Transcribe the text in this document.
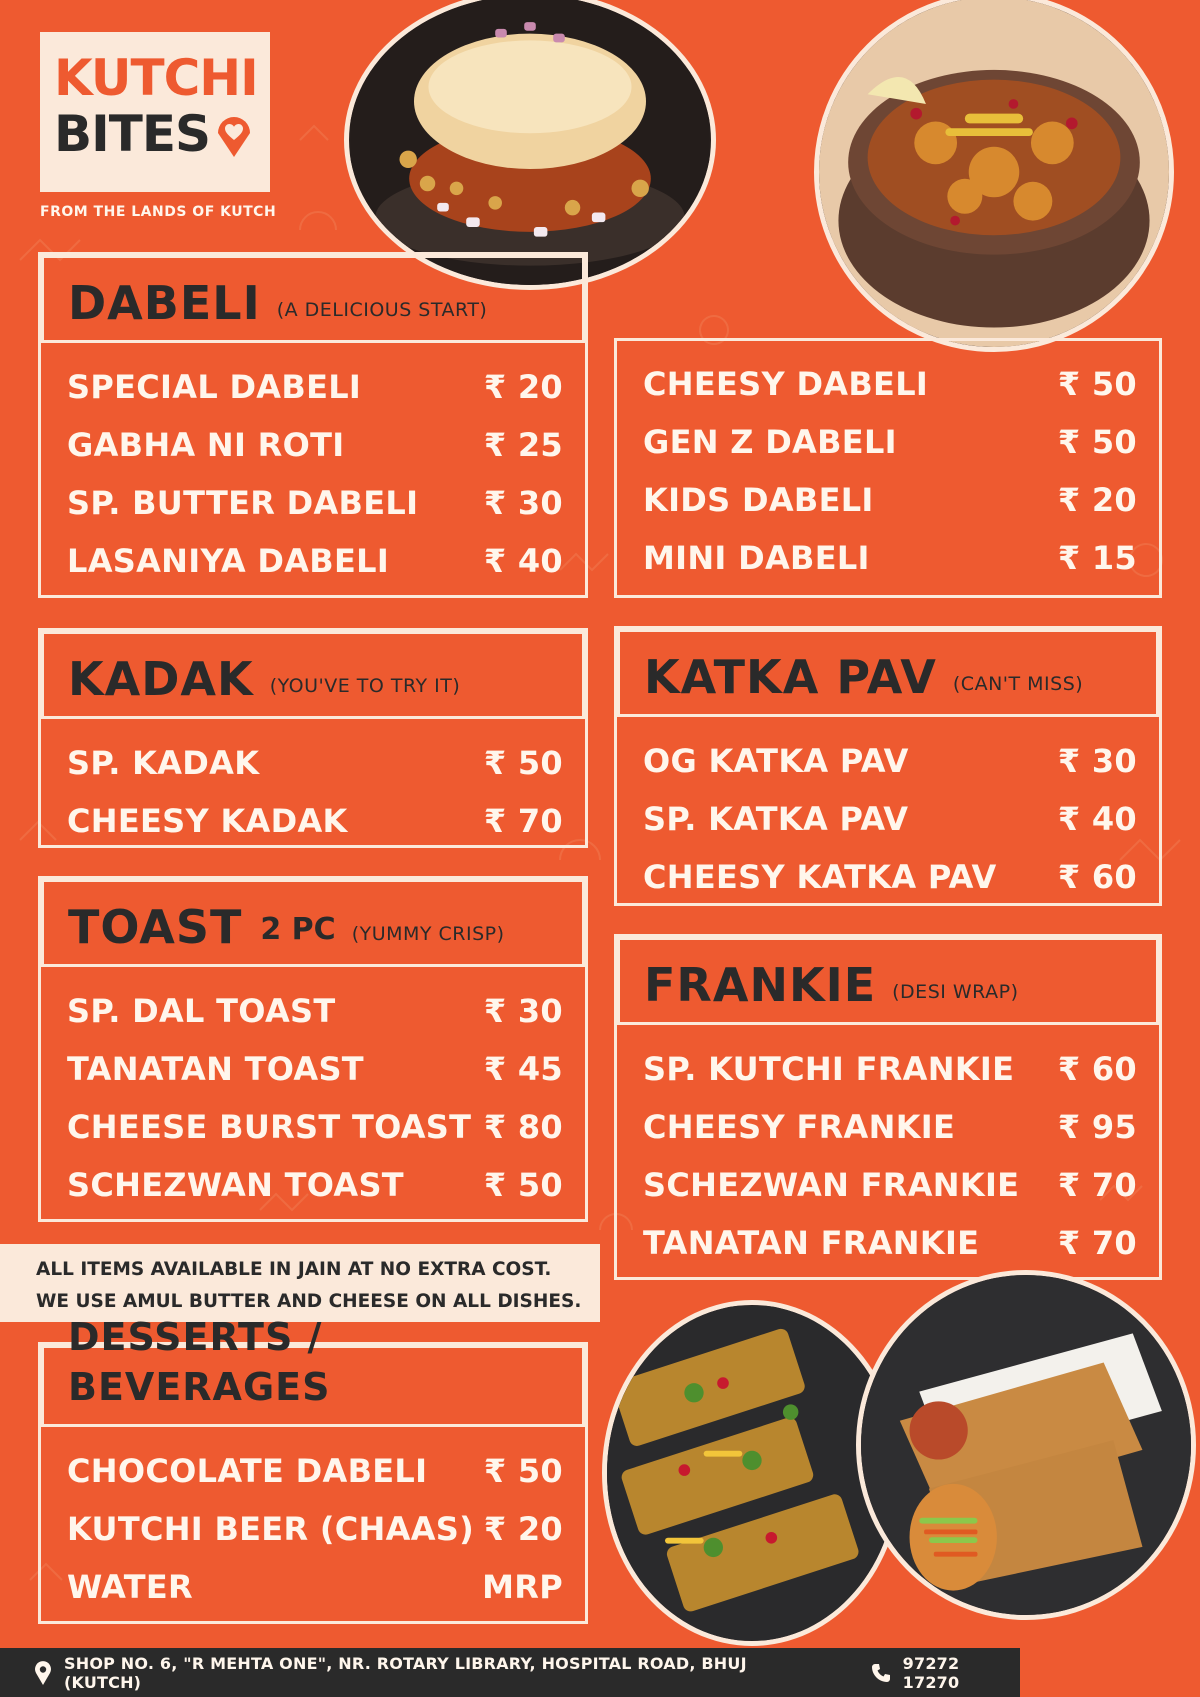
KUTCHI
BITES
FROM THE LANDS OF KUTCH
DABELI (A DELICIOUS START)
SPECIAL DABELI	₹ 20
GABHA NI ROTI	₹ 25
SP. BUTTER DABELI ₹ 30
LASANIYA DABELI	₹ 40
CHEESY DABELI	₹ 50
GEN Z DABELI	₹ 50
KIDS DABELI	₹ 20
MINI DABELI	₹ 15
KADAK (YOU'VE TO TRY IT)
SP. KADAK	₹ 50
CHEESY KADAK	₹ 70
KATKA PAV (CAN'T MISS)
OG KATKA PAV	₹ 30
SP. KATKA PAV	₹ 40
CHEESY KATKA PAV ₹ 60
TOAST 2 PC (YUMMY CRISP)
SP. DAL TOAST	₹ 30
TANATAN TOAST	₹ 45
CHEESE BURST TOAST ₹ 80
SCHEZWAN TOAST ₹ 50
FRANKIE (DESI WRAP)
SP. KUTCHI FRANKIE ₹ 60
CHEESY FRANKIE	₹ 95
SCHEZWAN FRANKIE ₹ 70
TANATAN FRANKIE ₹ 70
ALL ITEMS AVAILABLE IN JAIN AT NO EXTRA COST.
WE USE AMUL BUTTER AND CHEESE ON ALL DISHES.
DESSERTS / BEVERAGES
CHOCOLATE DABELI ₹ 50
KUTCHI BEER (CHAAS) ₹ 20
WATER	MRP
SHOP NO. 6, "R MEHTA ONE", NR. ROTARY LIBRARY, HOSPITAL ROAD, BHUJ (KUTCH)
97272 17270
